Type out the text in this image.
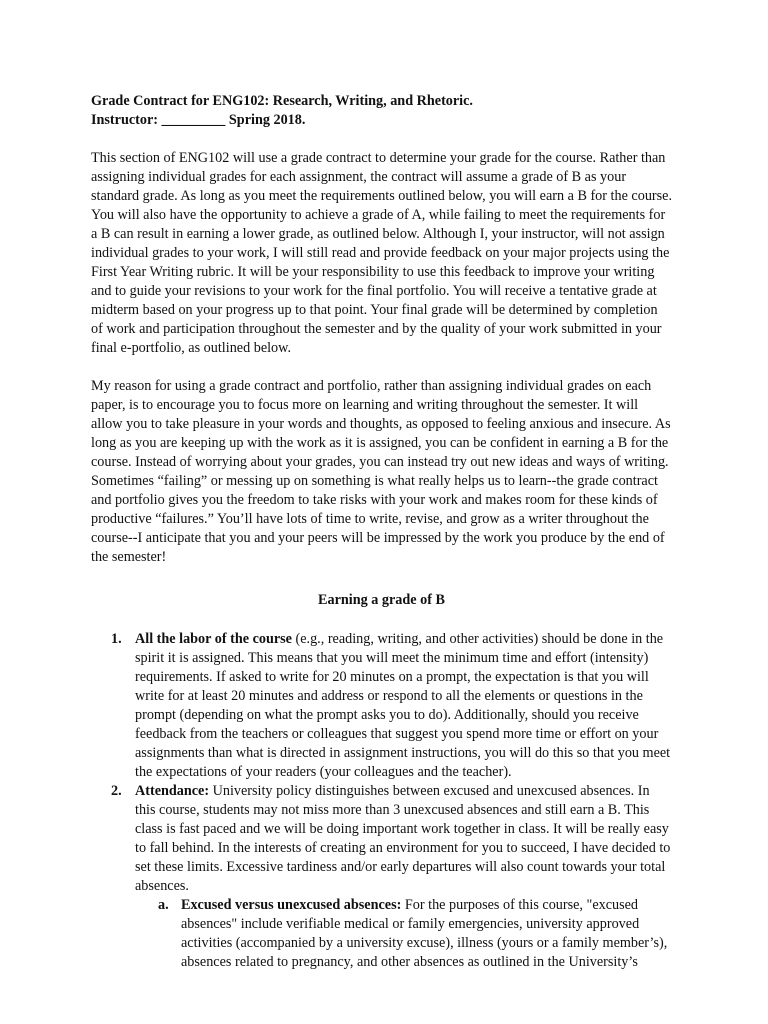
Grade Contract for ENG102: Research, Writing, and Rhetoric.

Instructor: _________ Spring 2018.

This section of ENG102 will use a grade contract to determine your grade for the course. Rather than assigning individual grades for each assignment, the contract will assume a grade of B as your standard grade. As long as you meet the requirements outlined below, you will earn a B for the course. You will also have the opportunity to achieve a grade of A, while failing to meet the requirements for a B can result in earning a lower grade, as outlined below. Although I, your instructor, will not assign individual grades to your work, I will still read and provide feedback on your major projects using the First Year Writing rubric. It will be your responsibility to use this feedback to improve your writing and to guide your revisions to your work for the final portfolio. You will receive a tentative grade at midterm based on your progress up to that point. Your final grade will be determined by completion of work and participation throughout the semester and by the quality of your work submitted in your final e-portfolio, as outlined below.

My reason for using a grade contract and portfolio, rather than assigning individual grades on each paper, is to encourage you to focus more on learning and writing throughout the semester. It will allow you to take pleasure in your words and thoughts, as opposed to feeling anxious and insecure. As long as you are keeping up with the work as it is assigned, you can be confident in earning a B for the course. Instead of worrying about your grades, you can instead try out new ideas and ways of writing. Sometimes “failing” or messing up on something is what really helps us to learn--the grade contract and portfolio gives you the freedom to take risks with your work and makes room for these kinds of productive “failures.” You’ll have lots of time to write, revise, and grow as a writer throughout the course--I anticipate that you and your peers will be impressed by the work you produce by the end of the semester!

Earning a grade of B
1. All the labor of the course (e.g., reading, writing, and other activities) should be done in the spirit it is assigned. This means that you will meet the minimum time and effort (intensity) requirements. If asked to write for 20 minutes on a prompt, the expectation is that you will write for at least 20 minutes and address or respond to all the elements or questions in the prompt (depending on what the prompt asks you to do). Additionally, should you receive feedback from the teachers or colleagues that suggest you spend more time or effort on your assignments than what is directed in assignment instructions, you will do this so that you meet the expectations of your readers (your colleagues and the teacher).
2. Attendance: University policy distinguishes between excused and unexcused absences. In this course, students may not miss more than 3 unexcused absences and still earn a B. This class is fast paced and we will be doing important work together in class. It will be really easy to fall behind. In the interests of creating an environment for you to succeed, I have decided to set these limits. Excessive tardiness and/or early departures will also count towards your total absences.
a. Excused versus unexcused absences: For the purposes of this course, "excused absences" include verifiable medical or family emergencies, university approved activities (accompanied by a university excuse), illness (yours or a family member’s), absences related to pregnancy, and other absences as outlined in the University’s
